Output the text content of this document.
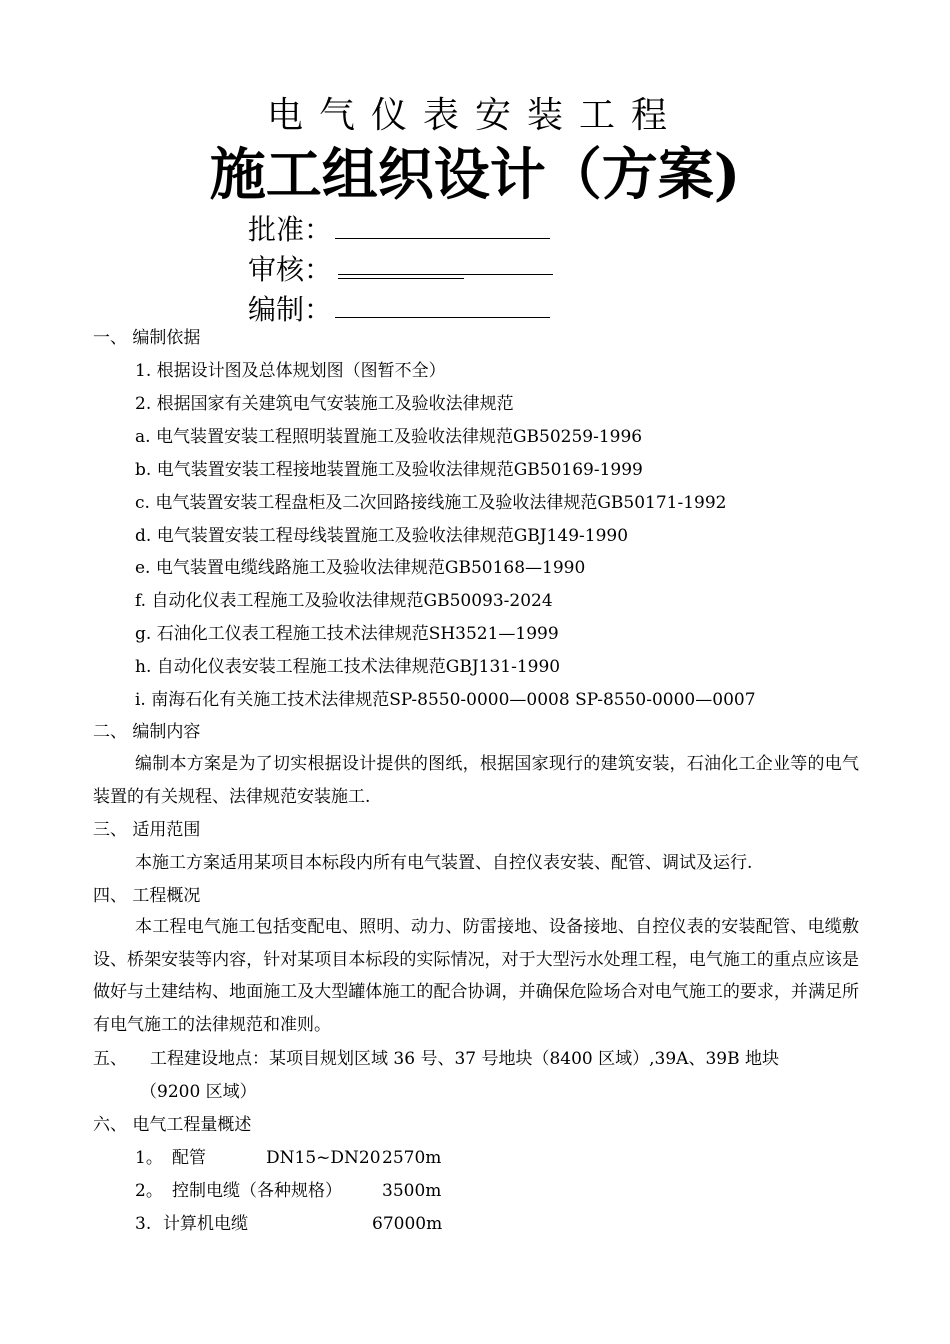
电气仪表安装工程
施工组织设计（方案)
批准：
审核：
编制：
一、 编制依据
1. 根据设计图及总体规划图（图暂不全）
2. 根据国家有关建筑电气安装施工及验收法律规范
a. 电气装置安装工程照明装置施工及验收法律规范GB50259-1996
b. 电气装置安装工程接地装置施工及验收法律规范GB50169-1999
c. 电气装置安装工程盘柜及二次回路接线施工及验收法律规范GB50171-1992
d. 电气装置安装工程母线装置施工及验收法律规范GBJ149-1990
e. 电气装置电缆线路施工及验收法律规范GB50168—1990
f. 自动化仪表工程施工及验收法律规范GB50093-2024
g. 石油化工仪表工程施工技术法律规范SH3521—1999
h. 自动化仪表安装工程施工技术法律规范GBJ131-1990
i. 南海石化有关施工技术法律规范SP-8550-0000—0008 SP-8550-0000—0007
二、 编制内容
编制本方案是为了切实根据设计提供的图纸，根据国家现行的建筑安装，石油化工企业等的电气装置的有关规程、法律规范安装施工.
三、 适用范围
本施工方案适用某项目本标段内所有电气装置、自控仪表安装、配管、调试及运行.
四、 工程概况
本工程电气施工包括变配电、照明、动力、防雷接地、设备接地、自控仪表的安装配管、电缆敷设、桥架安装等内容，针对某项目本标段的实际情况，对于大型污水处理工程，电气施工的重点应该是做好与土建结构、地面施工及大型罐体施工的配合协调，并确保危险场合对电气施工的要求，并满足所有电气施工的法律规范和准则。
五、 工程建设地点：某项目规划区域 36 号、37 号地块（8400 区域）,39A、39B 地块
（9200 区域）
六、 电气工程量概述
1。 配管	DN15~DN20 2570m
2。 控制电缆（各种规格） 3500m
3. 计算机电缆	67000m
